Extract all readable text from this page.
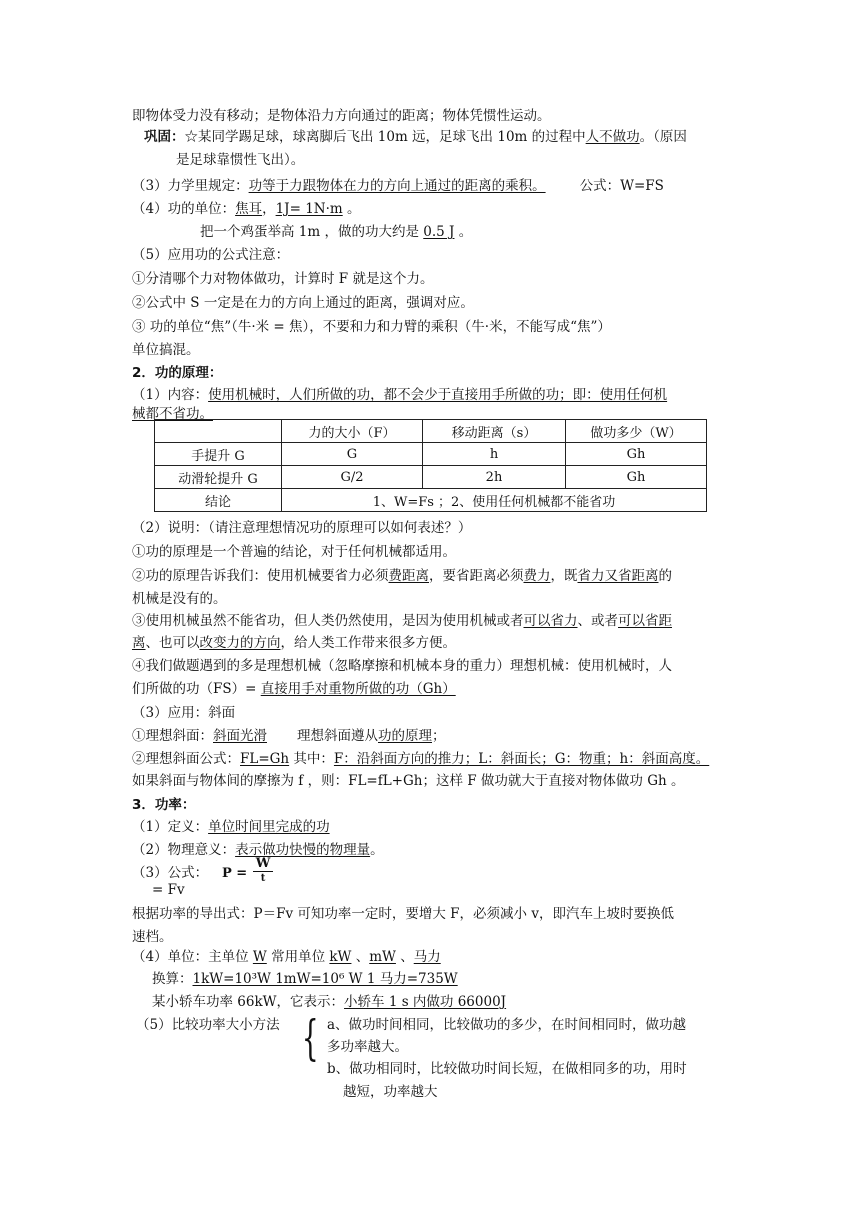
即物体受力没有移动；是物体沿力方向通过的距离；物体凭惯性运动。
巩固：☆某同学踢足球，球离脚后飞出 10m 远，足球飞出 10m 的过程中人不做功。（原因
是足球靠惯性飞出）。
（3）力学里规定：功等于力跟物体在力的方向上通过的距离的乘积。	公式：W=FS
（4）功的单位：焦耳，1J= 1N·m 。
把一个鸡蛋举高 1m ，做的功大约是 0.5 J 。
（5）应用功的公式注意：
①分清哪个力对物体做功，计算时 F 就是这个力。
②公式中 S 一定是在力的方向上通过的距离，强调对应。
③ 功的单位“焦”（牛·米 = 焦），不要和力和力臂的乘积（牛·米，不能写成“焦”）
单位搞混。
2．功的原理：
（1）内容：使用机械时，人们所做的功，都不会少于直接用手所做的功；即：使用任何机
械都不省功。
	力的大小（F）	移动距离（s）	做功多少（W）
手提升 G	G	h	Gh
动滑轮提升 G	G/2	2h	Gh
结论	1、W=Fs ；2、使用任何机械都不能省功		
（2）说明：（请注意理想情况功的原理可以如何表述？）
①功的原理是一个普遍的结论，对于任何机械都适用。
②功的原理告诉我们：使用机械要省力必须费距离，要省距离必须费力，既省力又省距离的
机械是没有的。
③使用机械虽然不能省功，但人类仍然使用，是因为使用机械或者可以省力、或者可以省距
离、也可以改变力的方向，给人类工作带来很多方便。
④我们做题遇到的多是理想机械（忽略摩擦和机械本身的重力）理想机械：使用机械时，人
们所做的功（FS）= 直接用手对重物所做的功（Gh）
（3）应用：斜面
①理想斜面：斜面光滑 理想斜面遵从功的原理；
②理想斜面公式：FL=Gh 其中：F：沿斜面方向的推力；L：斜面长；G：物重；h：斜面高度。
如果斜面与物体间的摩擦为 f ，则：FL=fL+Gh；这样 F 做功就大于直接对物体做功 Gh 。
3．功率：
（1）定义：单位时间里完成的功
（2）物理意义：表示做功快慢的物理量。
（3）公式： P =
W
t
= Fv
根据功率的导出式：P＝Fv 可知功率一定时，要增大 F，必须减小 v，即汽车上坡时要换低
速档。
（4）单位：主单位 W 常用单位 kW 、mW 、马力
换算：1kW=10³W 1mW=10⁶ W 1 马力=735W
某小轿车功率 66kW，它表示：小轿车 1 s 内做功 66000J
（5）比较功率大小方法 { a、做功时间相同，比较做功的多少，在时间相同时，做功越
多功率越大。
b、做功相同时，比较做功时间长短，在做相同多的功，用时
越短，功率越大
